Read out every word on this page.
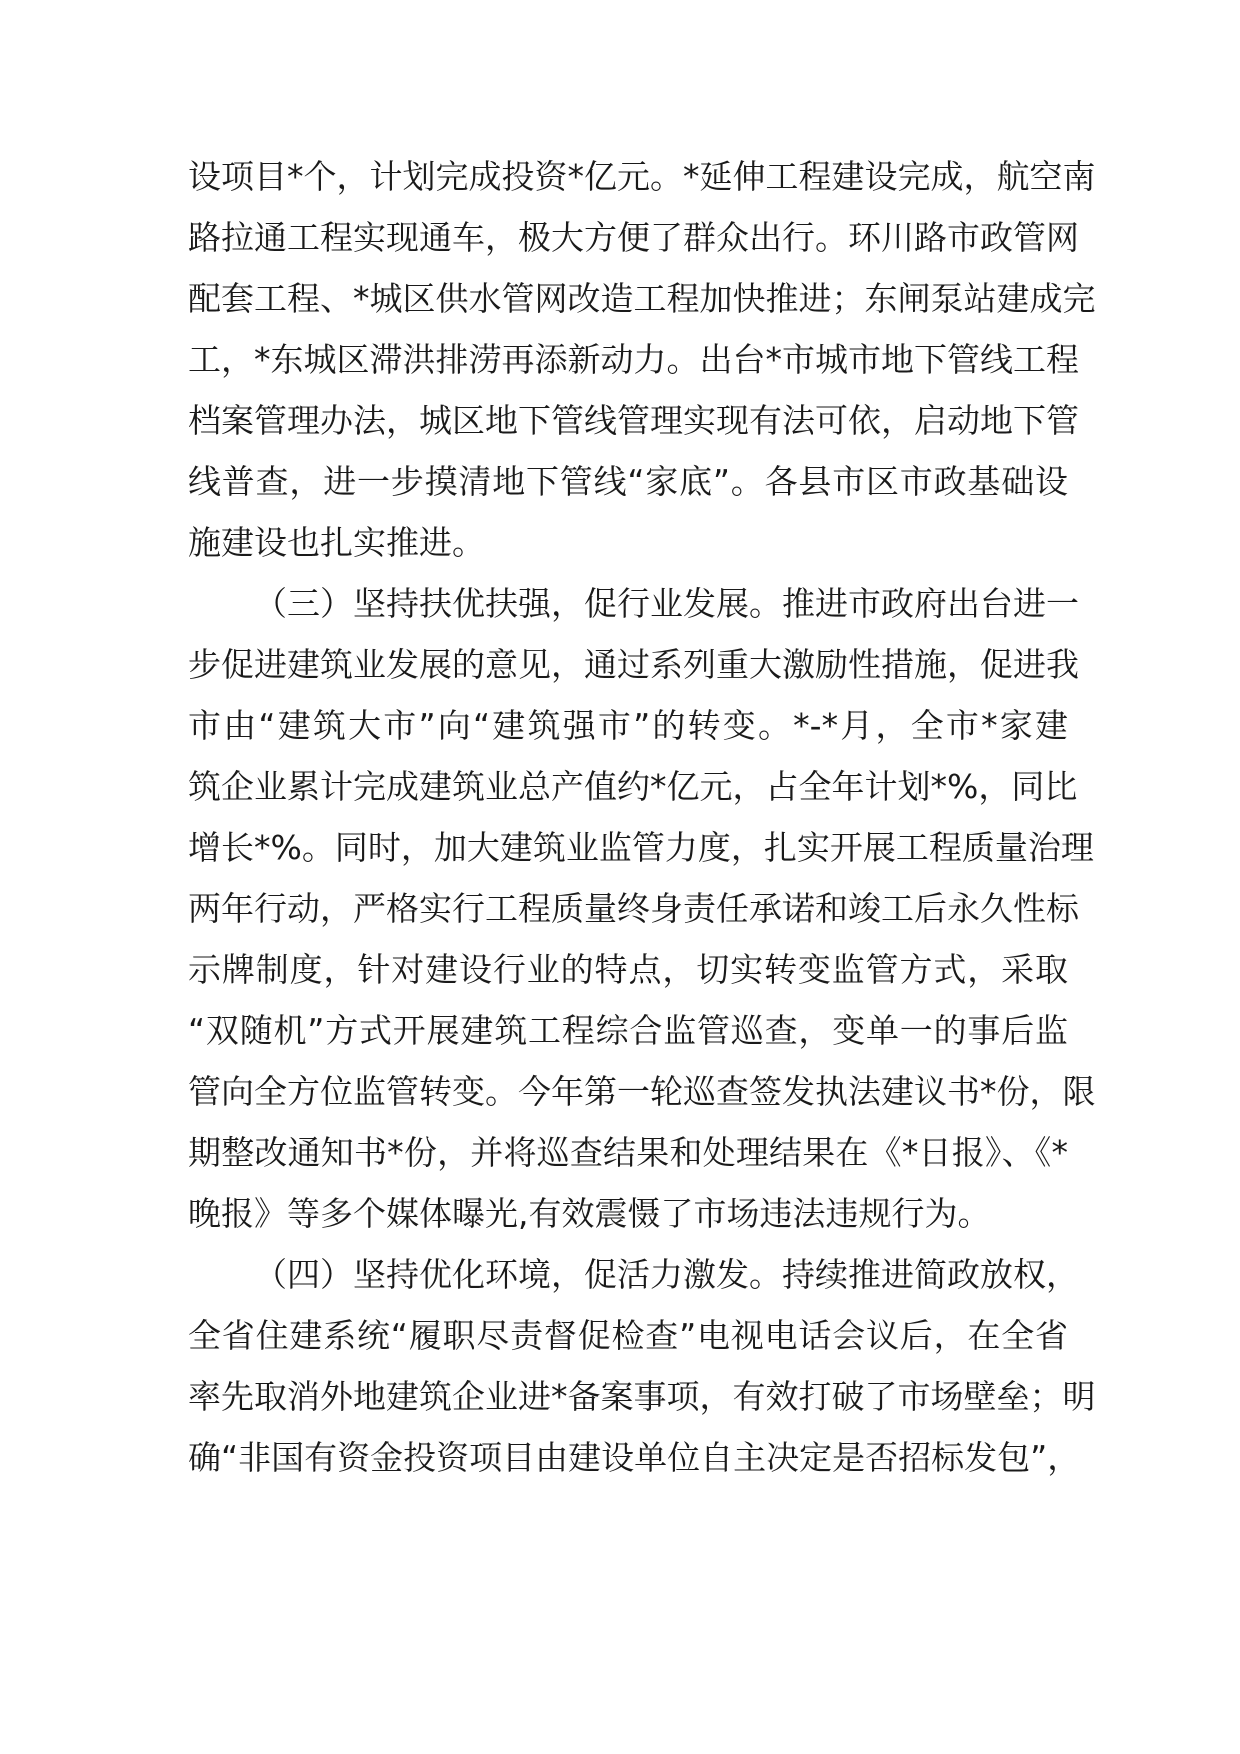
设项目*个，计划完成投资*亿元。*延伸工程建设完成，航空南
路拉通工程实现通车，极大方便了群众出行。环川路市政管网
配套工程、*城区供水管网改造工程加快推进；东闸泵站建成完
工，*东城区滞洪排涝再添新动力。出台*市城市地下管线工程
档案管理办法，城区地下管线管理实现有法可依，启动地下管
线普查，进一步摸清地下管线“家底”。各县市区市政基础设
施建设也扎实推进。
（三）坚持扶优扶强，促行业发展。推进市政府出台进一
步促进建筑业发展的意见，通过系列重大激励性措施，促进我
市由“建筑大市”向“建筑强市”的转变。*-*月，全市*家建
筑企业累计完成建筑业总产值约*亿元，占全年计划*%，同比
增长*%。同时，加大建筑业监管力度，扎实开展工程质量治理
两年行动，严格实行工程质量终身责任承诺和竣工后永久性标
示牌制度，针对建设行业的特点，切实转变监管方式，采取
“双随机”方式开展建筑工程综合监管巡查，变单一的事后监
管向全方位监管转变。今年第一轮巡查签发执法建议书*份，限
期整改通知书*份，并将巡查结果和处理结果在《*日报》、《*
晚报》等多个媒体曝光,有效震慑了市场违法违规行为。
（四）坚持优化环境，促活力激发。持续推进简政放权，
全省住建系统“履职尽责督促检查”电视电话会议后，在全省
率先取消外地建筑企业进*备案事项，有效打破了市场壁垒；明
确“非国有资金投资项目由建设单位自主决定是否招标发包”，
